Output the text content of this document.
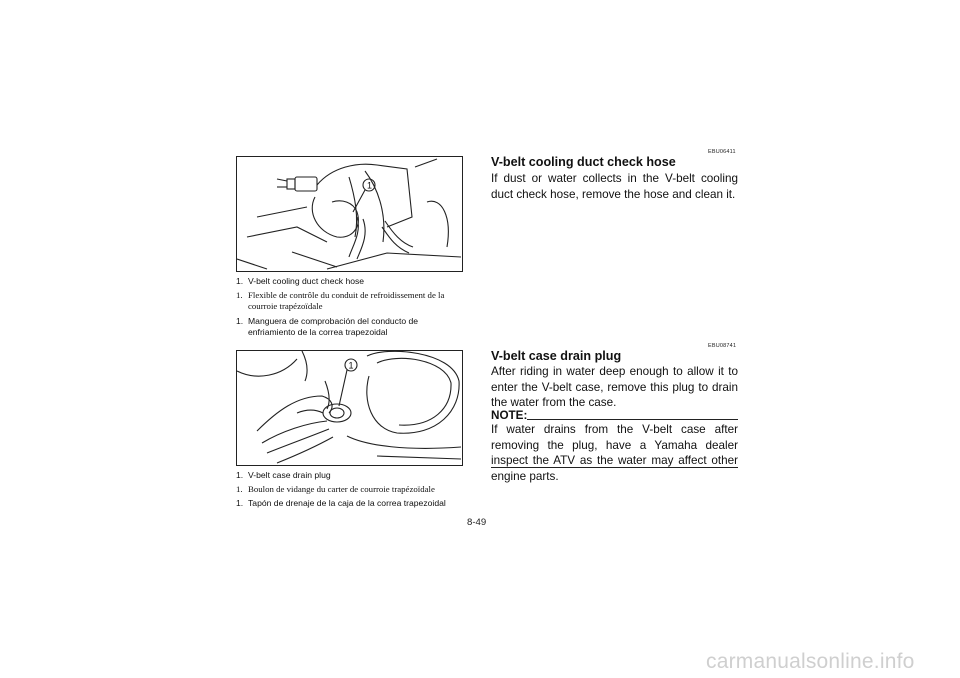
1
1. V-belt cooling duct check hose
1. Flexible de contrôle du conduit de refroidissement de la courroie trapézoïdale
1. Manguera de comprobación del conducto de enfriamiento de la correa trapezoidal
1
1. V-belt case drain plug
1. Boulon de vidange du carter de courroie trapézoïdale
1. Tapón de drenaje de la caja de la correa trapezoidal
EBU06411
V-belt cooling duct check hose
If dust or water collects in the V-belt cooling duct check hose, remove the hose and clean it.
EBU08741
V-belt case drain plug
After riding in water deep enough to allow it to enter the V-belt case, remove this plug to drain the water from the case.
NOTE:
If water drains from the V-belt case after removing the plug, have a Yamaha dealer inspect the ATV as the water may affect other engine parts.
8-49
carmanualsonline.info
